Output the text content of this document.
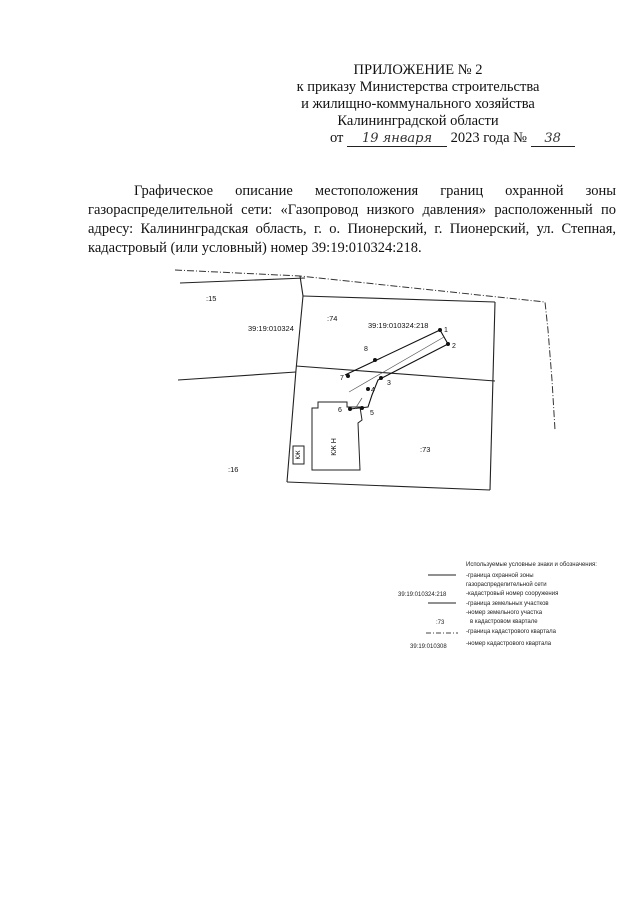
ПРИЛОЖЕНИЕ № 2
к приказу Министерства строительства
и жилищно-коммунального хозяйства
Калининградской области
от 19 января 2023 года № 38
Графическое описание местоположения границ охранной зоны газораспределительной сети: «Газопровод низкого давления» расположенный по адресу: Калининградская область, г. о. Пионерский, г. Пионерский, ул. Степная, кадастровый (или условный) номер 39:19:010324:218.
КЖ Н
КЖ
1
2
3
4
5
6
7
8
:15
:74
:16
:73
39:19:010324	39:19:010324:218
Используемые условные знаки и обозначения:
-граница охранной зоны
газораспределительной сети
39:19:010324:218	-кадастровый номер сооружения
-граница земельных участков
-номер земельного участка
:73	в кадастровом квартале
-граница кадастрового квартала
39:19:010308	-номер кадастрового квартала
